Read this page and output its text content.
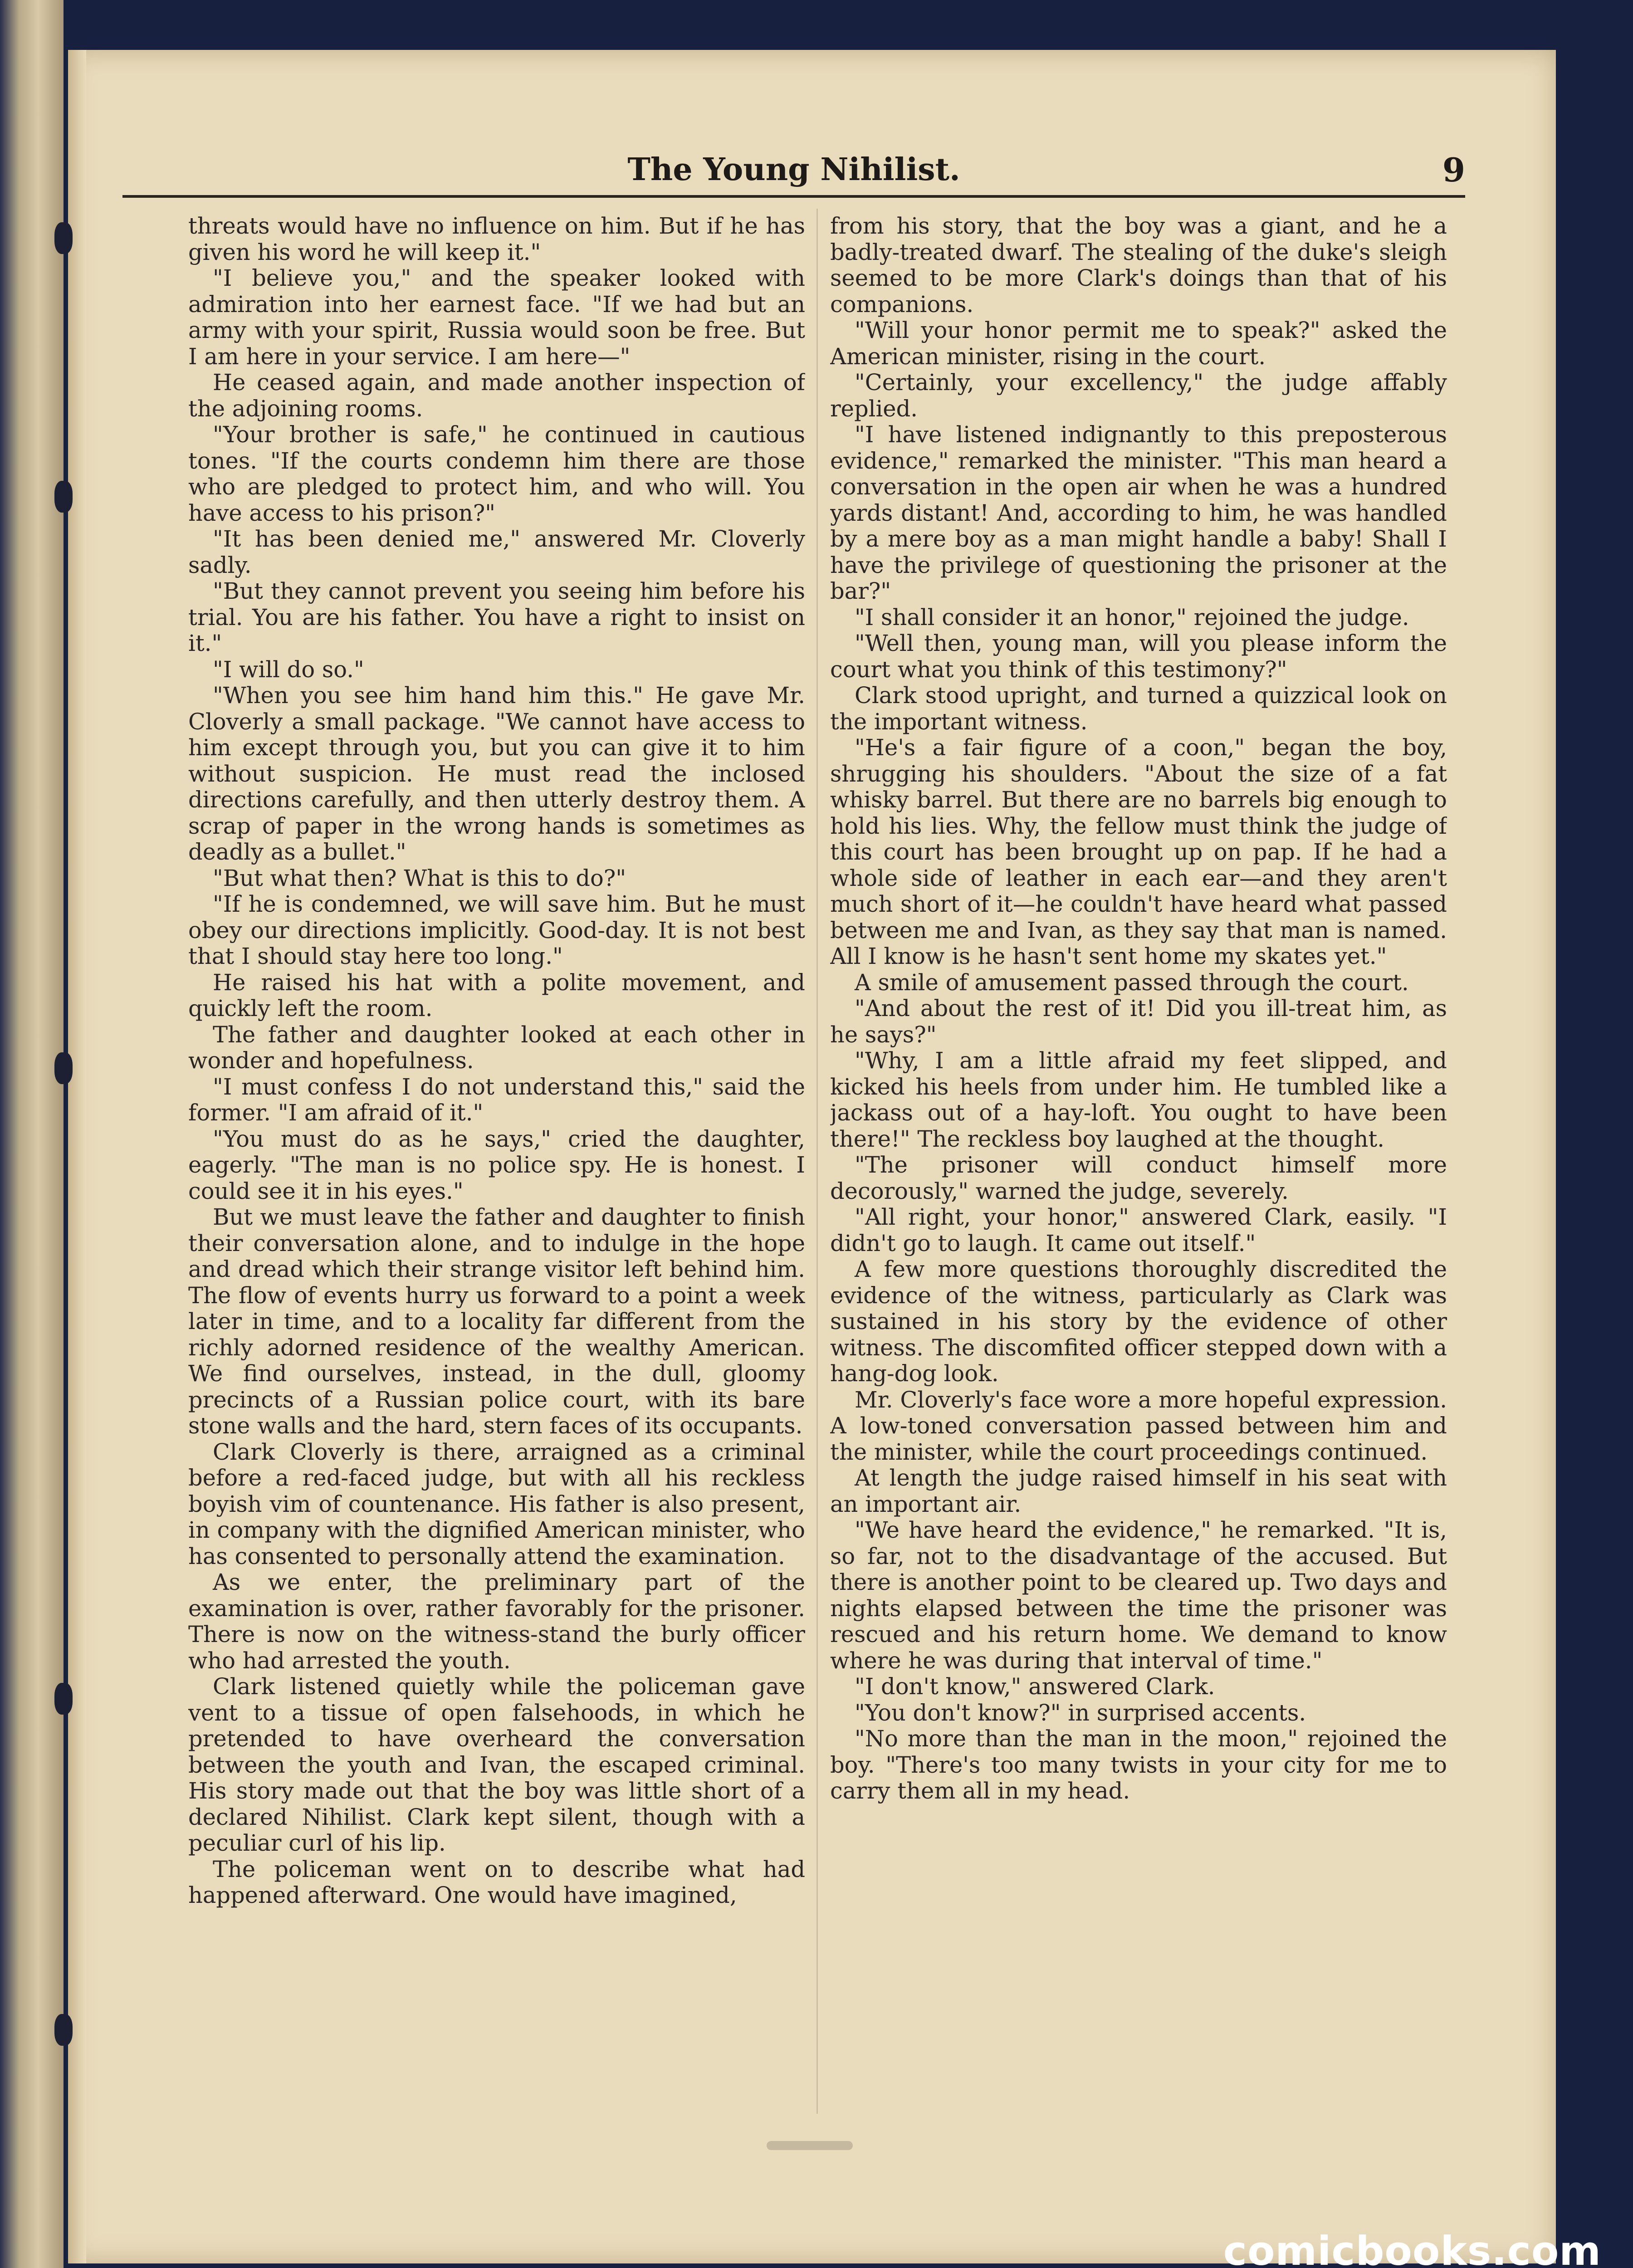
The Young Nihilist.	9

threats would have no influence on him. But if he has given his word he will keep it."

"I believe you," and the speaker looked with admiration into her earnest face. "If we had but an army with your spirit, Russia would soon be free. But I am here in your service. I am here—"

He ceased again, and made another inspection of the adjoining rooms.

"Your brother is safe," he continued in cautious tones. "If the courts condemn him there are those who are pledged to protect him, and who will. You have access to his prison?"

"It has been denied me," answered Mr. Cloverly sadly.

"But they cannot prevent you seeing him before his trial. You are his father. You have a right to insist on it."

"I will do so."

"When you see him hand him this." He gave Mr. Cloverly a small package. "We cannot have access to him except through you, but you can give it to him without suspicion. He must read the inclosed directions carefully, and then utterly destroy them. A scrap of paper in the wrong hands is sometimes as deadly as a bullet."

"But what then? What is this to do?"

"If he is condemned, we will save him. But he must obey our directions implicitly. Good-day. It is not best that I should stay here too long."

He raised his hat with a polite movement, and quickly left the room.

The father and daughter looked at each other in wonder and hopefulness.

"I must confess I do not understand this," said the former. "I am afraid of it."

"You must do as he says," cried the daughter, eagerly. "The man is no police spy. He is honest. I could see it in his eyes."

But we must leave the father and daughter to finish their conversation alone, and to indulge in the hope and dread which their strange visitor left behind him. The flow of events hurry us forward to a point a week later in time, and to a locality far different from the richly adorned residence of the wealthy American. We find ourselves, instead, in the dull, gloomy precincts of a Russian police court, with its bare stone walls and the hard, stern faces of its occupants.

Clark Cloverly is there, arraigned as a criminal before a red-faced judge, but with all his reckless boyish vim of countenance. His father is also present, in company with the dignified American minister, who has consented to personally attend the examination.

As we enter, the preliminary part of the examination is over, rather favorably for the prisoner. There is now on the witness-stand the burly officer who had arrested the youth.

Clark listened quietly while the policeman gave vent to a tissue of open falsehoods, in which he pretended to have overheard the conversation between the youth and Ivan, the escaped criminal. His story made out that the boy was little short of a declared Nihilist. Clark kept silent, though with a peculiar curl of his lip.

The policeman went on to describe what had happened afterward. One would have imagined,

from his story, that the boy was a giant, and he a badly-treated dwarf. The stealing of the duke's sleigh seemed to be more Clark's doings than that of his companions.

"Will your honor permit me to speak?" asked the American minister, rising in the court.

"Certainly, your excellency," the judge affably replied.

"I have listened indignantly to this preposterous evidence," remarked the minister. "This man heard a conversation in the open air when he was a hundred yards distant! And, according to him, he was handled by a mere boy as a man might handle a baby! Shall I have the privilege of questioning the prisoner at the bar?"

"I shall consider it an honor," rejoined the judge.

"Well then, young man, will you please inform the court what you think of this testimony?"

Clark stood upright, and turned a quizzical look on the important witness.

"He's a fair figure of a coon," began the boy, shrugging his shoulders. "About the size of a fat whisky barrel. But there are no barrels big enough to hold his lies. Why, the fellow must think the judge of this court has been brought up on pap. If he had a whole side of leather in each ear—and they aren't much short of it—he couldn't have heard what passed between me and Ivan, as they say that man is named. All I know is he hasn't sent home my skates yet."

A smile of amusement passed through the court.

"And about the rest of it! Did you ill-treat him, as he says?"

"Why, I am a little afraid my feet slipped, and kicked his heels from under him. He tumbled like a jackass out of a hay-loft. You ought to have been there!" The reckless boy laughed at the thought.

"The prisoner will conduct himself more decorously," warned the judge, severely.

"All right, your honor," answered Clark, easily. "I didn't go to laugh. It came out itself."

A few more questions thoroughly discredited the evidence of the witness, particularly as Clark was sustained in his story by the evidence of other witness. The discomfited officer stepped down with a hang-dog look.

Mr. Cloverly's face wore a more hopeful expression. A low-toned conversation passed between him and the minister, while the court proceedings continued.

At length the judge raised himself in his seat with an important air.

"We have heard the evidence," he remarked. "It is, so far, not to the disadvantage of the accused. But there is another point to be cleared up. Two days and nights elapsed between the time the prisoner was rescued and his return home. We demand to know where he was during that interval of time."

"I don't know," answered Clark.

"You don't know?" in surprised accents.

"No more than the man in the moon," rejoined the boy. "There's too many twists in your city for me to carry them all in my head.

comicbooks.com
